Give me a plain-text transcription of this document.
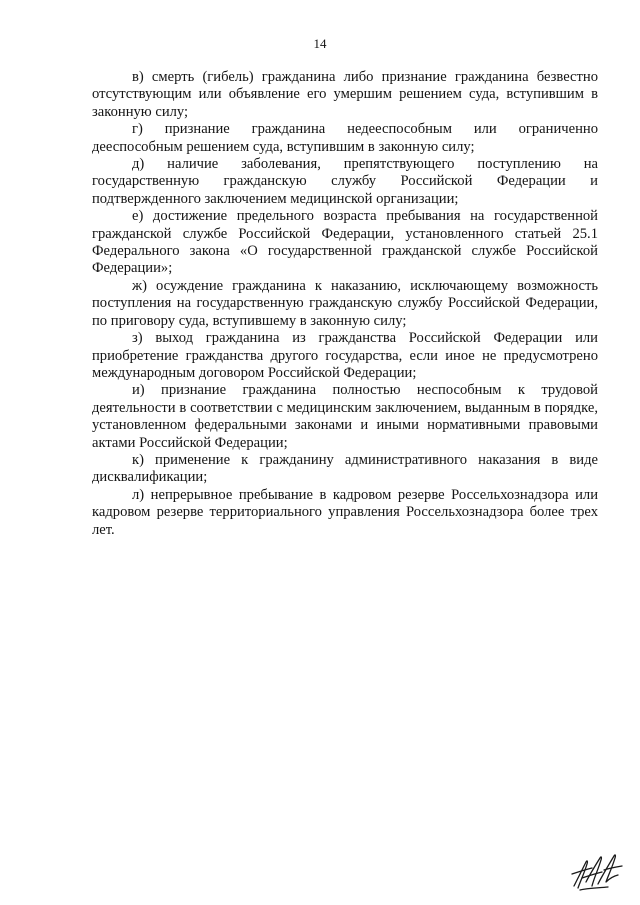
14

в) смерть (гибель) гражданина либо признание гражданина безвестно отсутствующим или объявление его умершим решением суда, вступившим в законную силу;

г) признание гражданина недееспособным или ограниченно дееспособным решением суда, вступившим в законную силу;

д) наличие заболевания, препятствующего поступлению на государственную гражданскую службу Российской Федерации и подтвержденного заключением медицинской организации;

е) достижение предельного возраста пребывания на государственной гражданской службе Российской Федерации, установленного статьей 25.1 Федерального закона «О государственной гражданской службе Российской Федерации»;

ж) осуждение гражданина к наказанию, исключающему возможность поступления на государственную гражданскую службу Российской Федерации, по приговору суда, вступившему в законную силу;

з) выход гражданина из гражданства Российской Федерации или приобретение гражданства другого государства, если иное не предусмотрено международным договором Российской Федерации;

и) признание гражданина полностью неспособным к трудовой деятельности в соответствии с медицинским заключением, выданным в порядке, установленном федеральными законами и иными нормативными правовыми актами Российской Федерации;

к) применение к гражданину административного наказания в виде дисквалификации;

л) непрерывное пребывание в кадровом резерве Россельхознадзора или кадровом резерве территориального управления Россельхознадзора более трех лет.
